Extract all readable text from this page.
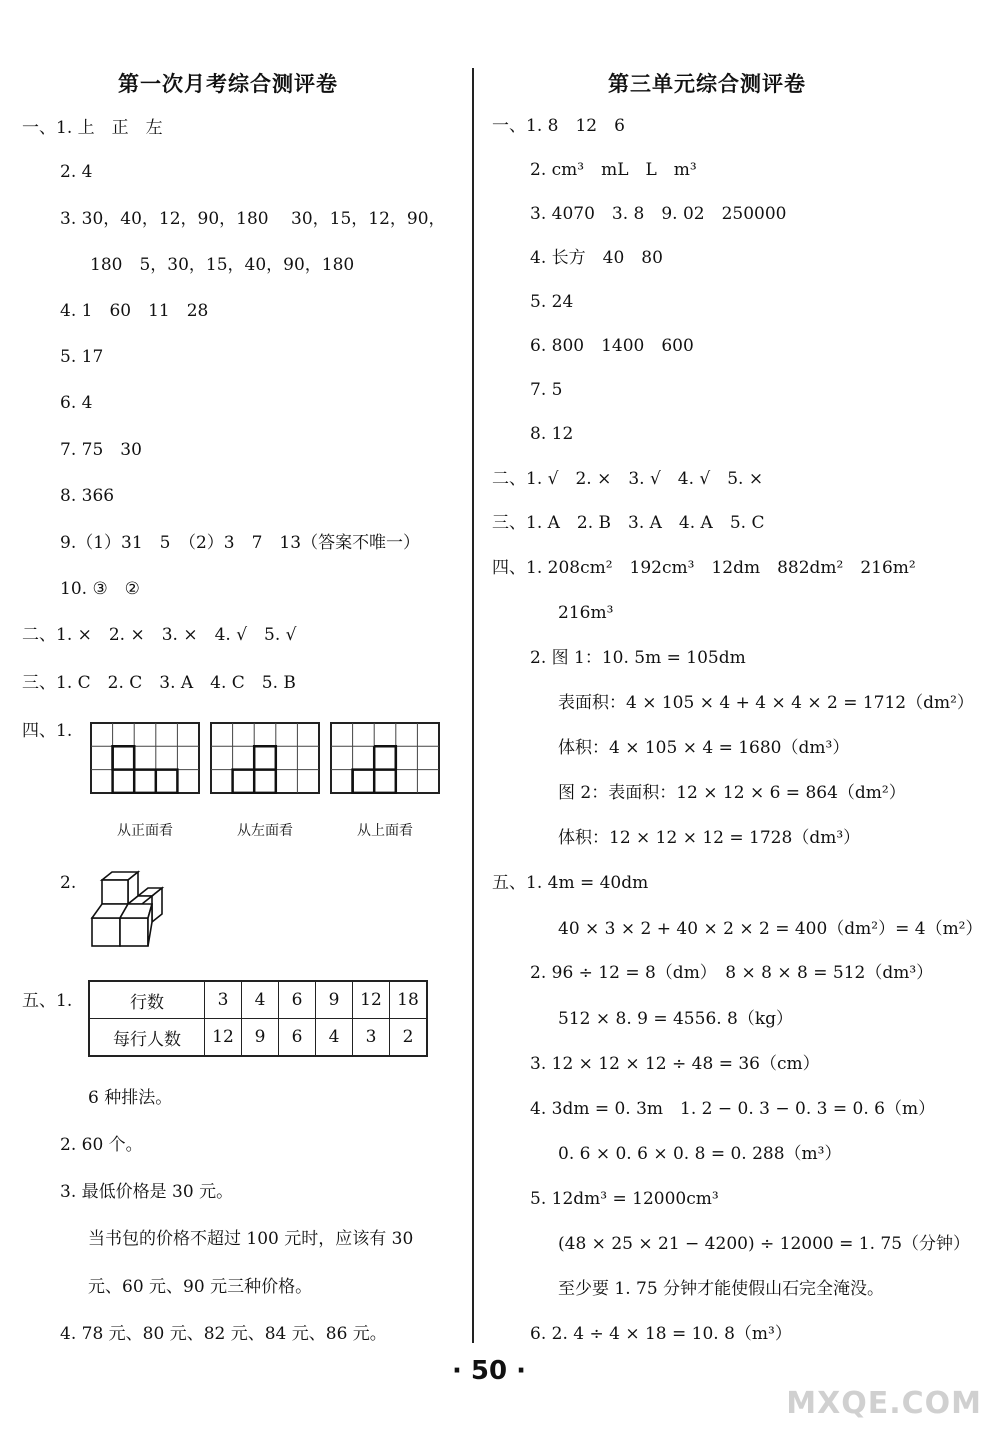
第一次月考综合测评卷
一、1. 上　正　左
2. 4
3. 30，40，12，90，180　 30，15，12，90，
180　5，30，15，40，90，180
4. 1　60　11　28
5. 17
6. 4
7. 75　30
8. 366
9.（1）31　5　（2）3　7　13（答案不唯一）
10. ③　②
二、1. ×　2. ×　3. ×　4. √　5. √
三、1. C　2. C　3. A　4. C　5. B
四、1.
从正面看	从左面看	从上面看
2.
五、1.	行数	3	4	6	9	12	18
每行人数	12	9	6	4	3	2
6 种排法。
2. 60 个。
3. 最低价格是 30 元。
当书包的价格不超过 100 元时，应该有 30
元、60 元、90 元三种价格。
4. 78 元、80 元、82 元、84 元、86 元。
第三单元综合测评卷
一、1. 8　12　6
2. cm³　mL　L　m³
3. 4070　3. 8　9. 02　250000
4. 长方　40　80
5. 24
6. 800　1400　600
7. 5
8. 12
二、1. √　2. ×　3. √　4. √　5. ×
三、1. A　2. B　3. A　4. A　5. C
四、1. 208cm²　192cm³　12dm　882dm²　216m²
216m³
2. 图 1：10. 5m = 105dm
表面积：4 × 105 × 4 + 4 × 4 × 2 = 1712（dm²）
体积：4 × 105 × 4 = 1680（dm³）
图 2：表面积：12 × 12 × 6 = 864（dm²）
体积：12 × 12 × 12 = 1728（dm³）
五、1. 4m = 40dm
40 × 3 × 2 + 40 × 2 × 2 = 400（dm²）= 4（m²）
2. 96 ÷ 12 = 8（dm）　8 × 8 × 8 = 512（dm³）
512 × 8. 9 = 4556. 8（kg）
3. 12 × 12 × 12 ÷ 48 = 36（cm）
4. 3dm = 0. 3m　1. 2 − 0. 3 − 0. 3 = 0. 6（m）
0. 6 × 0. 6 × 0. 8 = 0. 288（m³）
5. 12dm³ = 12000cm³
(48 × 25 × 21 − 4200) ÷ 12000 = 1. 75（分钟）
至少要 1. 75 分钟才能使假山石完全淹没。
6. 2. 4 ÷ 4 × 18 = 10. 8（m³）
· 50 ·
MXQE.COM
